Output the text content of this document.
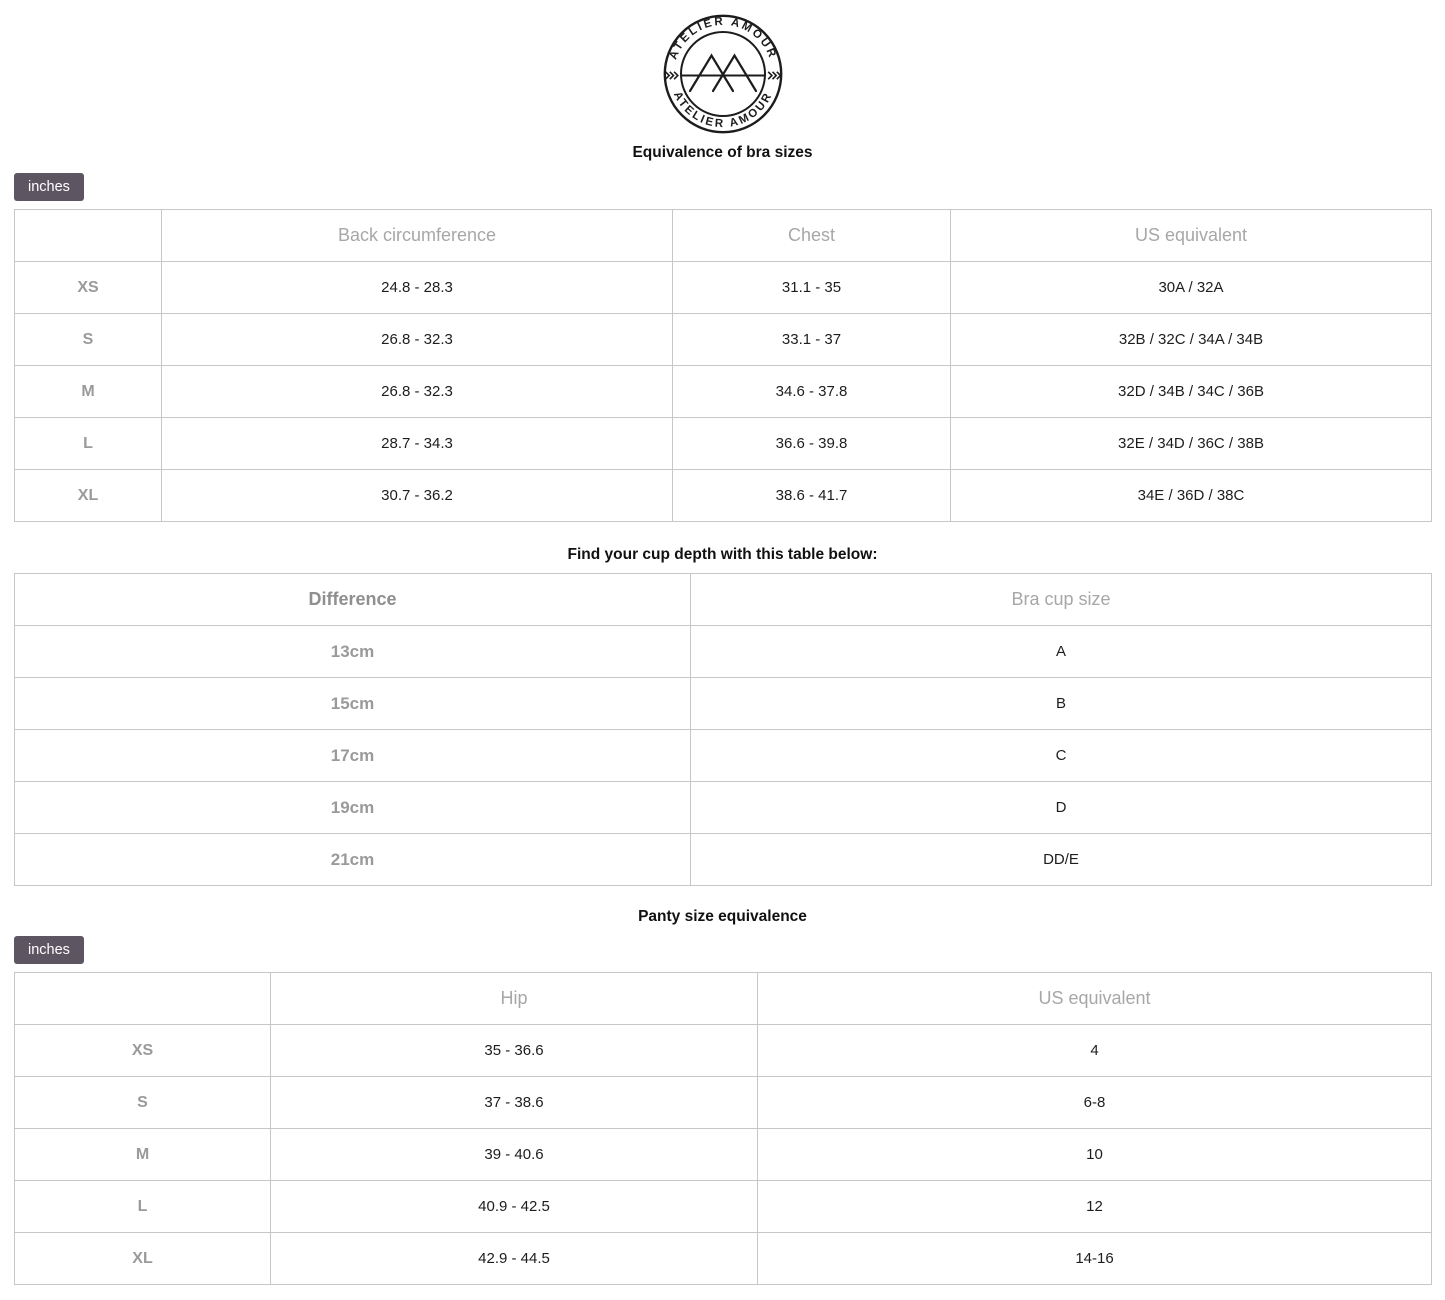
ATELIER AMOUR
ATELIER AMOUR
Equivalence of bra sizes
inches
	Back circumference	Chest	US equivalent
XS	24.8 - 28.3	31.1 - 35	30A / 32A
S	26.8 - 32.3	33.1 - 37	32B / 32C / 34A / 34B
M	26.8 - 32.3	34.6 - 37.8	32D / 34B / 34C / 36B
L	28.7 - 34.3	36.6 - 39.8	32E / 34D / 36C / 38B
XL	30.7 - 36.2	38.6 - 41.7	34E / 36D / 38C
Find your cup depth with this table below:
Difference	Bra cup size
13cm	A
15cm	B
17cm	C
19cm	D
21cm	DD/E
Panty size equivalence
inches
	Hip	US equivalent
XS	35 - 36.6	4
S	37 - 38.6	6-8
M	39 - 40.6	10
L	40.9 - 42.5	12
XL	42.9 - 44.5	14-16
